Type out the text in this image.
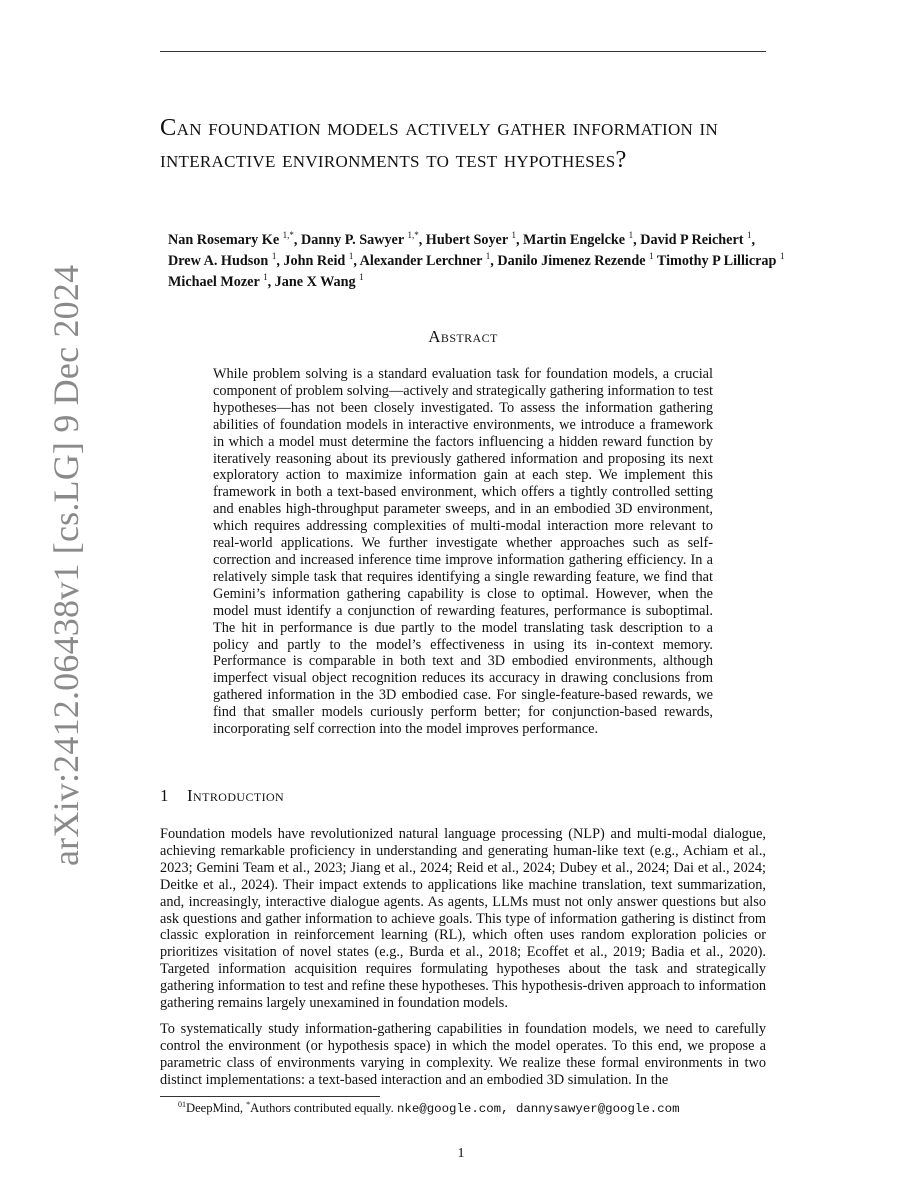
arXiv:2412.06438v1 [cs.LG] 9 Dec 2024
Can foundation models actively gather information in interactive environments to test hypotheses?
Nan Rosemary Ke $^{1,*}$, Danny P. Sawyer $^{1,*}$, Hubert Soyer $^1$, Martin Engelcke $^1$, David P Reichert $^1$, Drew A. Hudson $^1$, John Reid $^1$, Alexander Lerchner $^1$, Danilo Jimenez Rezende $^1$ Timothy P Lillicrap $^1$ Michael Mozer $^1$, Jane X Wang $^1$
Abstract

While problem solving is a standard evaluation task for foundation models, a crucial component of problem solving—actively and strategically gathering information to test hypotheses—has not been closely investigated. To assess the information gathering abilities of foundation models in interactive environments, we introduce a framework in which a model must determine the factors influencing a hidden reward function by iteratively reasoning about its previously gathered information and proposing its next exploratory action to maximize information gain at each step. We implement this framework in both a text-based environment, which offers a tightly controlled setting and enables high-throughput parameter sweeps, and in an embodied 3D environment, which requires addressing complexities of multi-modal interaction more relevant to real-world applications. We further investigate whether approaches such as self-correction and increased inference time improve information gathering efficiency. In a relatively simple task that requires identifying a single rewarding feature, we find that Gemini’s information gathering capability is close to optimal. However, when the model must identify a conjunction of rewarding features, performance is suboptimal. The hit in performance is due partly to the model translating task description to a policy and partly to the model’s effectiveness in using its in-context memory. Performance is comparable in both text and 3D embodied environments, although imperfect visual object recognition reduces its accuracy in drawing conclusions from gathered information in the 3D embodied case. For single-feature-based rewards, we find that smaller models curiously perform better; for conjunction-based rewards, incorporating self correction into the model improves performance.

1 Introduction

Foundation models have revolutionized natural language processing (NLP) and multi-modal dialogue, achieving remarkable proficiency in understanding and generating human-like text (e.g., Achiam et al., 2023; Gemini Team et al., 2023; Jiang et al., 2024; Reid et al., 2024; Dubey et al., 2024; Dai et al., 2024; Deitke et al., 2024). Their impact extends to applications like machine translation, text summarization, and, increasingly, interactive dialogue agents. As agents, LLMs must not only answer questions but also ask questions and gather information to achieve goals. This type of information gathering is distinct from classic exploration in reinforcement learning (RL), which often uses random exploration policies or prioritizes visitation of novel states (e.g., Burda et al., 2018; Ecoffet et al., 2019; Badia et al., 2020). Targeted information acquisition requires formulating hypotheses about the task and strategically gathering information to test and refine these hypotheses. This hypothesis-driven approach to information gathering remains largely unexamined in foundation models.

To systematically study information-gathering capabilities in foundation models, we need to carefully control the environment (or hypothesis space) in which the model operates. To this end, we propose a parametric class of environments varying in complexity. We realize these formal environments in two distinct implementations: a text-based interaction and an embodied 3D simulation. In the

$^{01}$DeepMind, *Authors contributed equally. nke@google.com, dannysawyer@google.com
1
